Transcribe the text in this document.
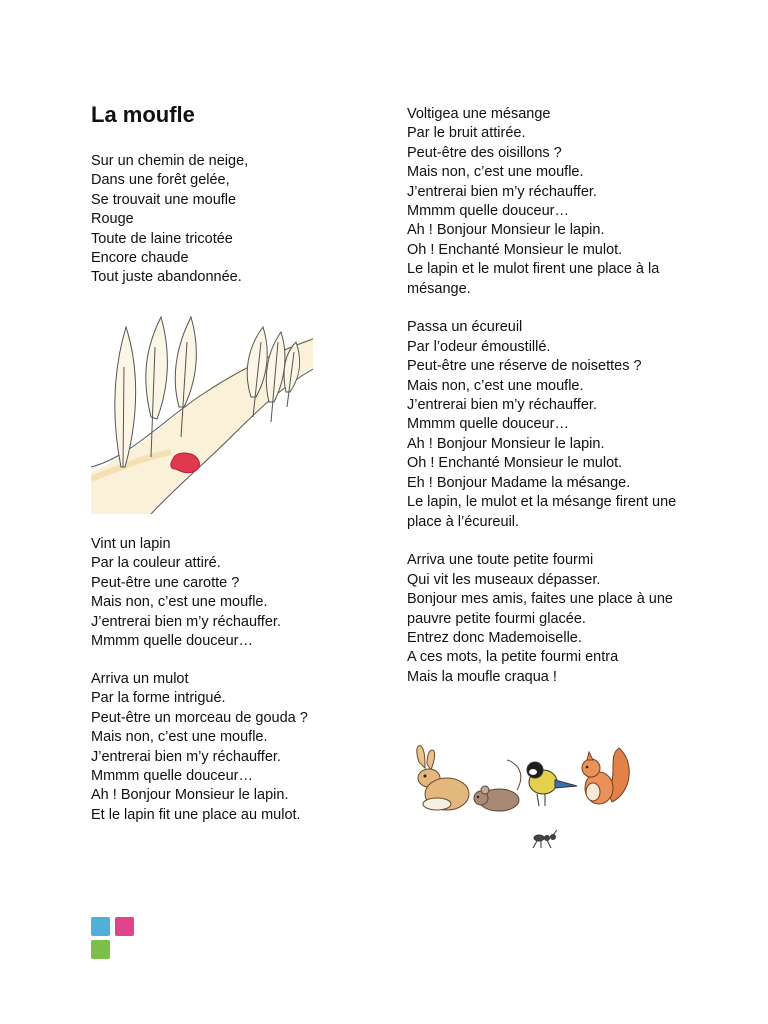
La moufle
Sur un chemin de neige,
Dans une forêt gelée,
Se trouvait une moufle
Rouge
Toute de laine tricotée
Encore chaude
Tout juste abandonnée.
Vint un lapin
Par la couleur attiré.
Peut-être une carotte ?
Mais non, c’est une moufle.
J’entrerai bien m’y réchauffer.
Mmmm quelle douceur…
Arriva un mulot
Par la forme intrigué.
Peut-être un morceau de gouda ?
Mais non, c’est une moufle.
J’entrerai bien m’y réchauffer.
Mmmm quelle douceur…
Ah ! Bonjour Monsieur le lapin.
Et le lapin fit une place au mulot.
Voltigea une mésange
Par le bruit attirée.
Peut-être des oisillons ?
Mais non, c’est une moufle.
J’entrerai bien m’y réchauffer.
Mmmm quelle douceur…
Ah ! Bonjour Monsieur le lapin.
Oh ! Enchanté Monsieur le mulot.
Le lapin et le mulot firent une place à la mésange.
Passa un écureuil
Par l’odeur émoustillé.
Peut-être une réserve de noisettes ?
Mais non, c’est une moufle.
J’entrerai bien m’y réchauffer.
Mmmm quelle douceur…
Ah ! Bonjour Monsieur le lapin.
Oh ! Enchanté Monsieur le mulot.
Eh ! Bonjour Madame la mésange.
Le lapin, le mulot et la mésange firent une place à l’écureuil.
Arriva une toute petite fourmi
Qui vit les museaux dépasser.
Bonjour mes amis, faites une place à une pauvre petite fourmi glacée.
Entrez donc Mademoiselle.
A ces mots, la petite fourmi entra
Mais la moufle craqua !
